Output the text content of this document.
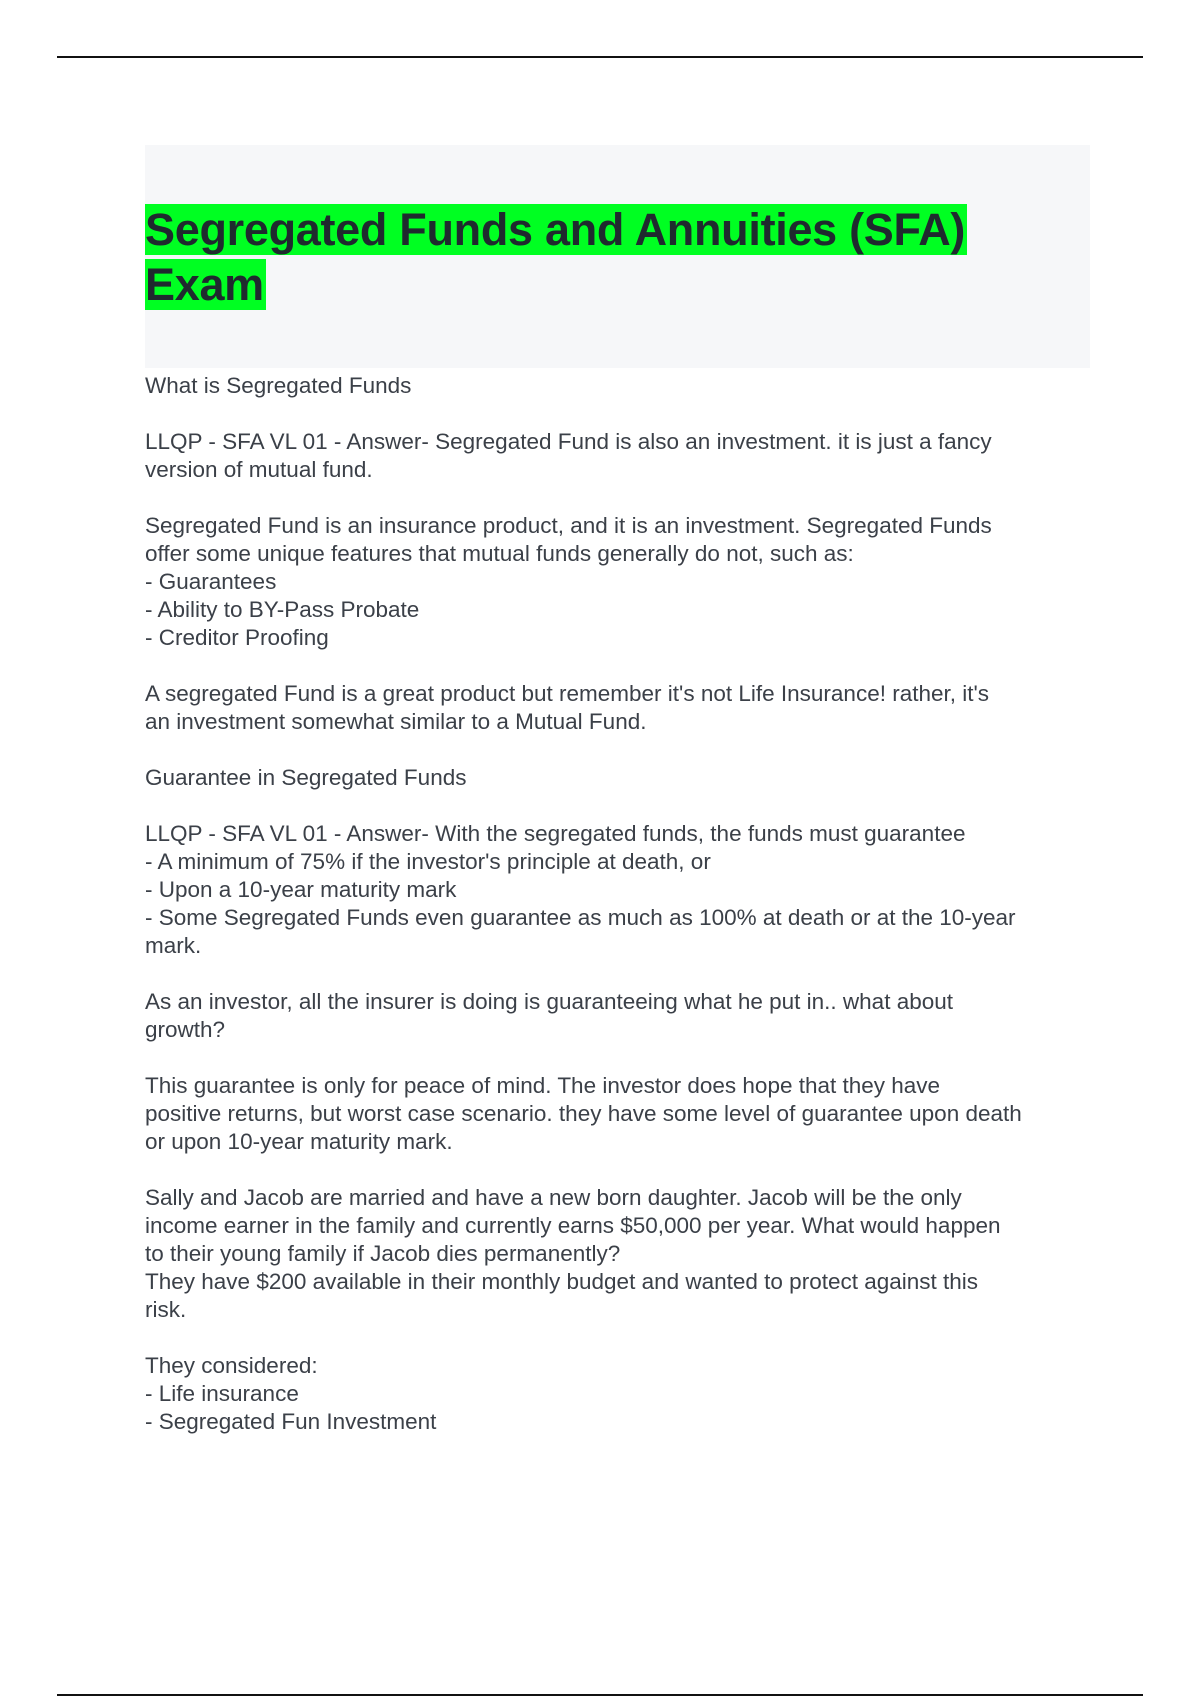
Segregated Funds and Annuities (SFA)
Exam

What is Segregated Funds

LLQP - SFA VL 01 - Answer- Segregated Fund is also an investment. it is just a fancy
version of mutual fund.

Segregated Fund is an insurance product, and it is an investment. Segregated Funds
offer some unique features that mutual funds generally do not, such as:
- Guarantees
- Ability to BY-Pass Probate
- Creditor Proofing

A segregated Fund is a great product but remember it's not Life Insurance! rather, it's
an investment somewhat similar to a Mutual Fund.

Guarantee in Segregated Funds

LLQP - SFA VL 01 - Answer- With the segregated funds, the funds must guarantee
- A minimum of 75% if the investor's principle at death, or
- Upon a 10-year maturity mark
- Some Segregated Funds even guarantee as much as 100% at death or at the 10-year
mark.

As an investor, all the insurer is doing is guaranteeing what he put in.. what about
growth?

This guarantee is only for peace of mind. The investor does hope that they have
positive returns, but worst case scenario. they have some level of guarantee upon death
or upon 10-year maturity mark.

Sally and Jacob are married and have a new born daughter. Jacob will be the only
income earner in the family and currently earns $50,000 per year. What would happen
to their young family if Jacob dies permanently?
They have $200 available in their monthly budget and wanted to protect against this
risk.

They considered:
- Life insurance
- Segregated Fun Investment
